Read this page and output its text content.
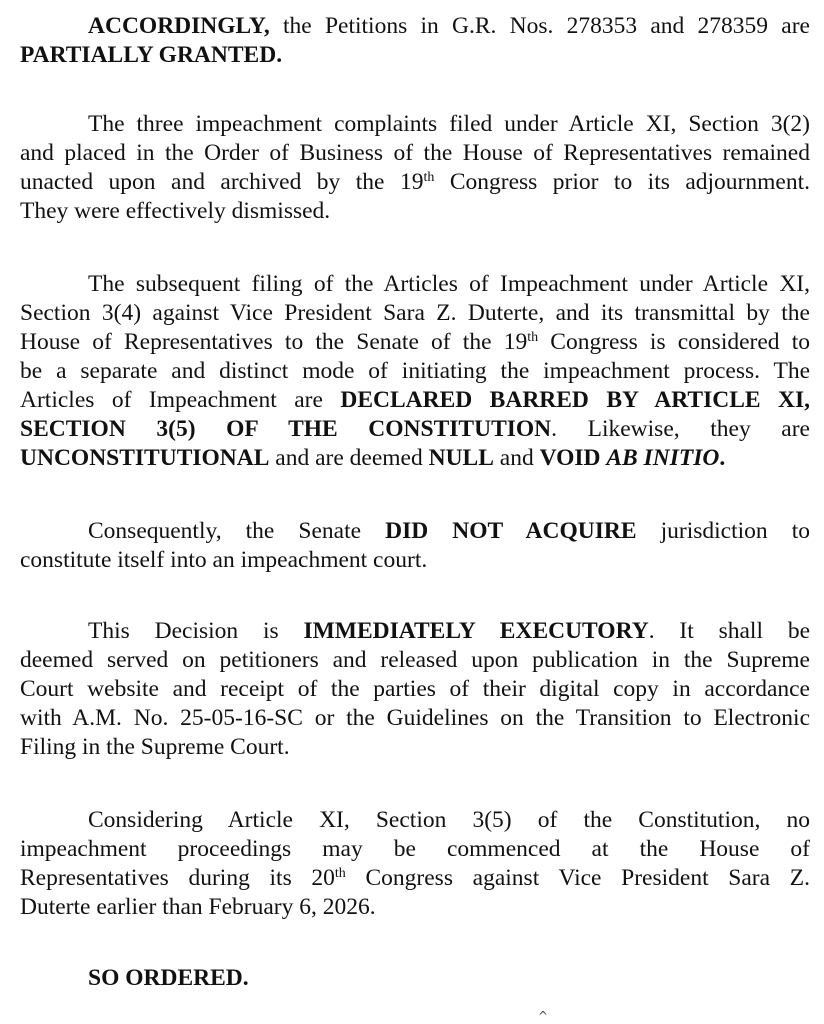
ACCORDINGLY, the Petitions in G.R. Nos. 278353 and 278359 are
PARTIALLY GRANTED.
The three impeachment complaints filed under Article XI, Section 3(2)
and placed in the Order of Business of the House of Representatives remained
unacted upon and archived by the 19th Congress prior to its adjournment.
They were effectively dismissed.
The subsequent filing of the Articles of Impeachment under Article XI,
Section 3(4) against Vice President Sara Z. Duterte, and its transmittal by the
House of Representatives to the Senate of the 19th Congress is considered to
be a separate and distinct mode of initiating the impeachment process. The
Articles of Impeachment are DECLARED BARRED BY ARTICLE XI,
SECTION 3(5) OF THE CONSTITUTION. Likewise, they are
UNCONSTITUTIONAL and are deemed NULL and VOID AB INITIO.
Consequently, the Senate DID NOT ACQUIRE jurisdiction to
constitute itself into an impeachment court.
This Decision is IMMEDIATELY EXECUTORY. It shall be
deemed served on petitioners and released upon publication in the Supreme
Court website and receipt of the parties of their digital copy in accordance
with A.M. No. 25-05-16-SC or the Guidelines on the Transition to Electronic
Filing in the Supreme Court.
Considering Article XI, Section 3(5) of the Constitution, no
impeachment proceedings may be commenced at the House of
Representatives during its 20th Congress against Vice President Sara Z.
Duterte earlier than February 6, 2026.
SO ORDERED.
^
